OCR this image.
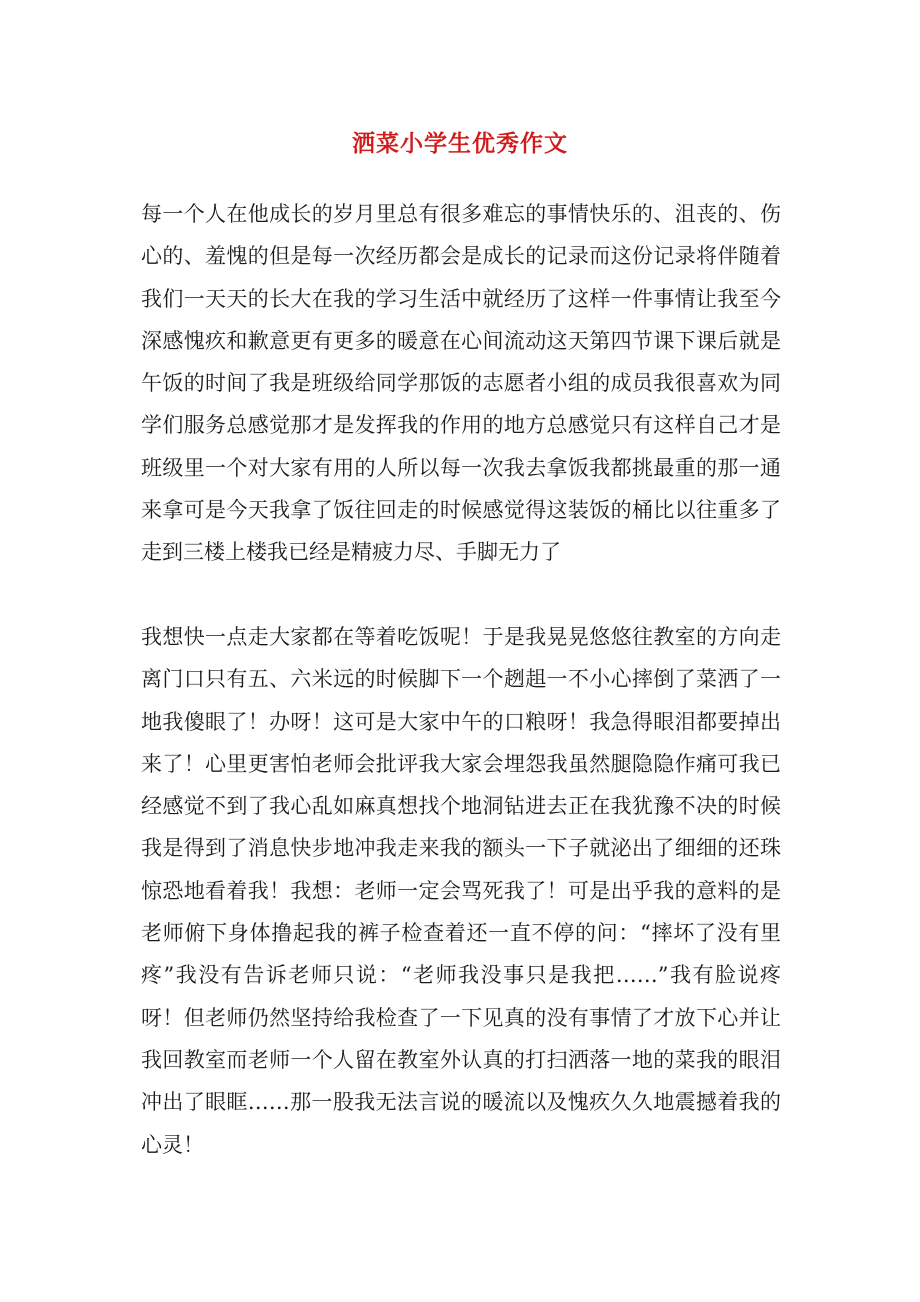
洒菜小学生优秀作文

每一个人在他成长的岁月里总有很多难忘的事情快乐的、沮丧的、伤心的、羞愧的但是每一次经历都会是成长的记录而这份记录将伴随着我们一天天的长大在我的学习生活中就经历了这样一件事情让我至今深感愧疚和歉意更有更多的暖意在心间流动这天第四节课下课后就是午饭的时间了我是班级给同学那饭的志愿者小组的成员我很喜欢为同学们服务总感觉那才是发挥我的作用的地方总感觉只有这样自己才是班级里一个对大家有用的人所以每一次我去拿饭我都挑最重的那一通来拿可是今天我拿了饭往回走的时候感觉得这装饭的桶比以往重多了走到三楼上楼我已经是精疲力尽、手脚无力了

我想快一点走大家都在等着吃饭呢！于是我晃晃悠悠往教室的方向走离门口只有五、六米远的时候脚下一个趔趄一不小心摔倒了菜洒了一地我傻眼了！办呀！这可是大家中午的口粮呀！我急得眼泪都要掉出来了！心里更害怕老师会批评我大家会埋怨我虽然腿隐隐作痛可我已经感觉不到了我心乱如麻真想找个地洞钻进去正在我犹豫不决的时候我是得到了消息快步地冲我走来我的额头一下子就泌出了细细的还珠惊恐地看着我！我想：老师一定会骂死我了！可是出乎我的意料的是老师俯下身体撸起我的裤子检查着还一直不停的问：“摔坏了没有里疼”我没有告诉老师只说：“老师我没事只是我把……”我有脸说疼呀！但老师仍然坚持给我检查了一下见真的没有事情了才放下心并让我回教室而老师一个人留在教室外认真的打扫洒落一地的菜我的眼泪冲出了眼眶……那一股我无法言说的暖流以及愧疚久久地震撼着我的心灵！
